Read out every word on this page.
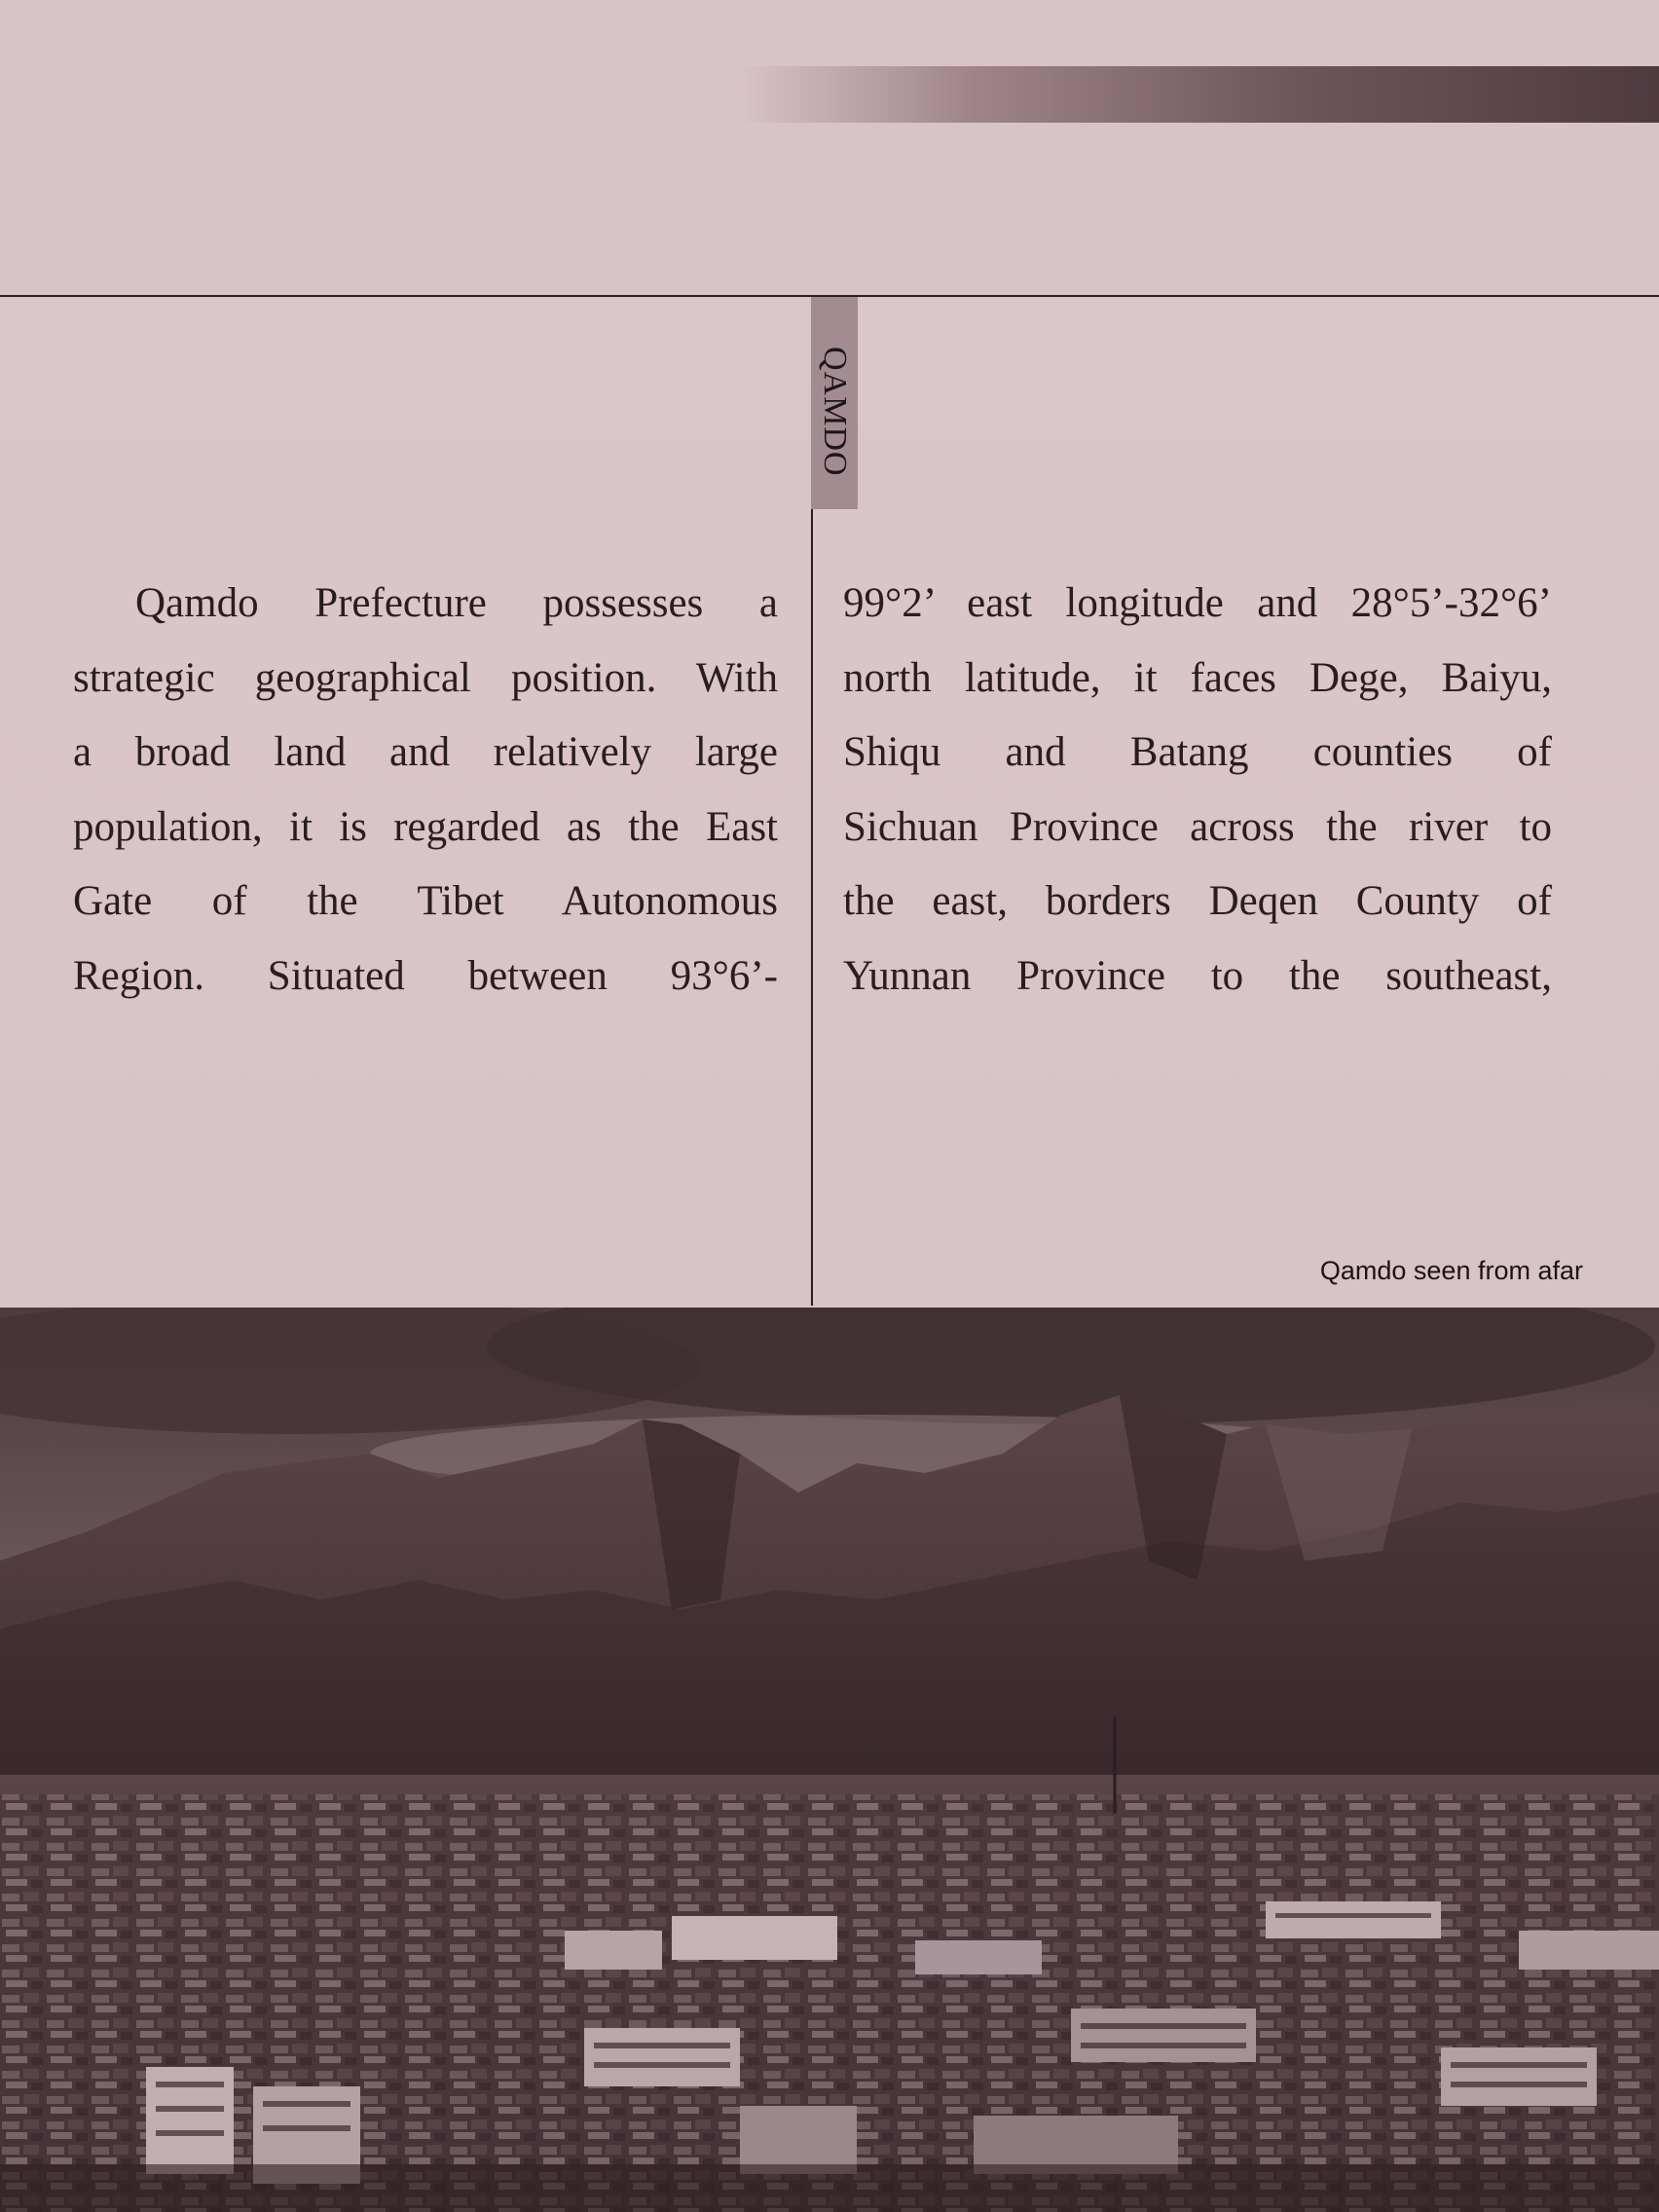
QAMDO
Qamdo Prefecture possesses a
strategic geographical position. With
a broad land and relatively large
population, it is regarded as the East
Gate of the Tibet Autonomous
Region. Situated between 93°6’-
99°2’ east longitude and 28°5’-32°6’
north latitude, it faces Dege, Baiyu,
Shiqu and Batang counties of
Sichuan Province across the river to
the east, borders Deqen County of
Yunnan Province to the southeast,
Qamdo seen from afar
